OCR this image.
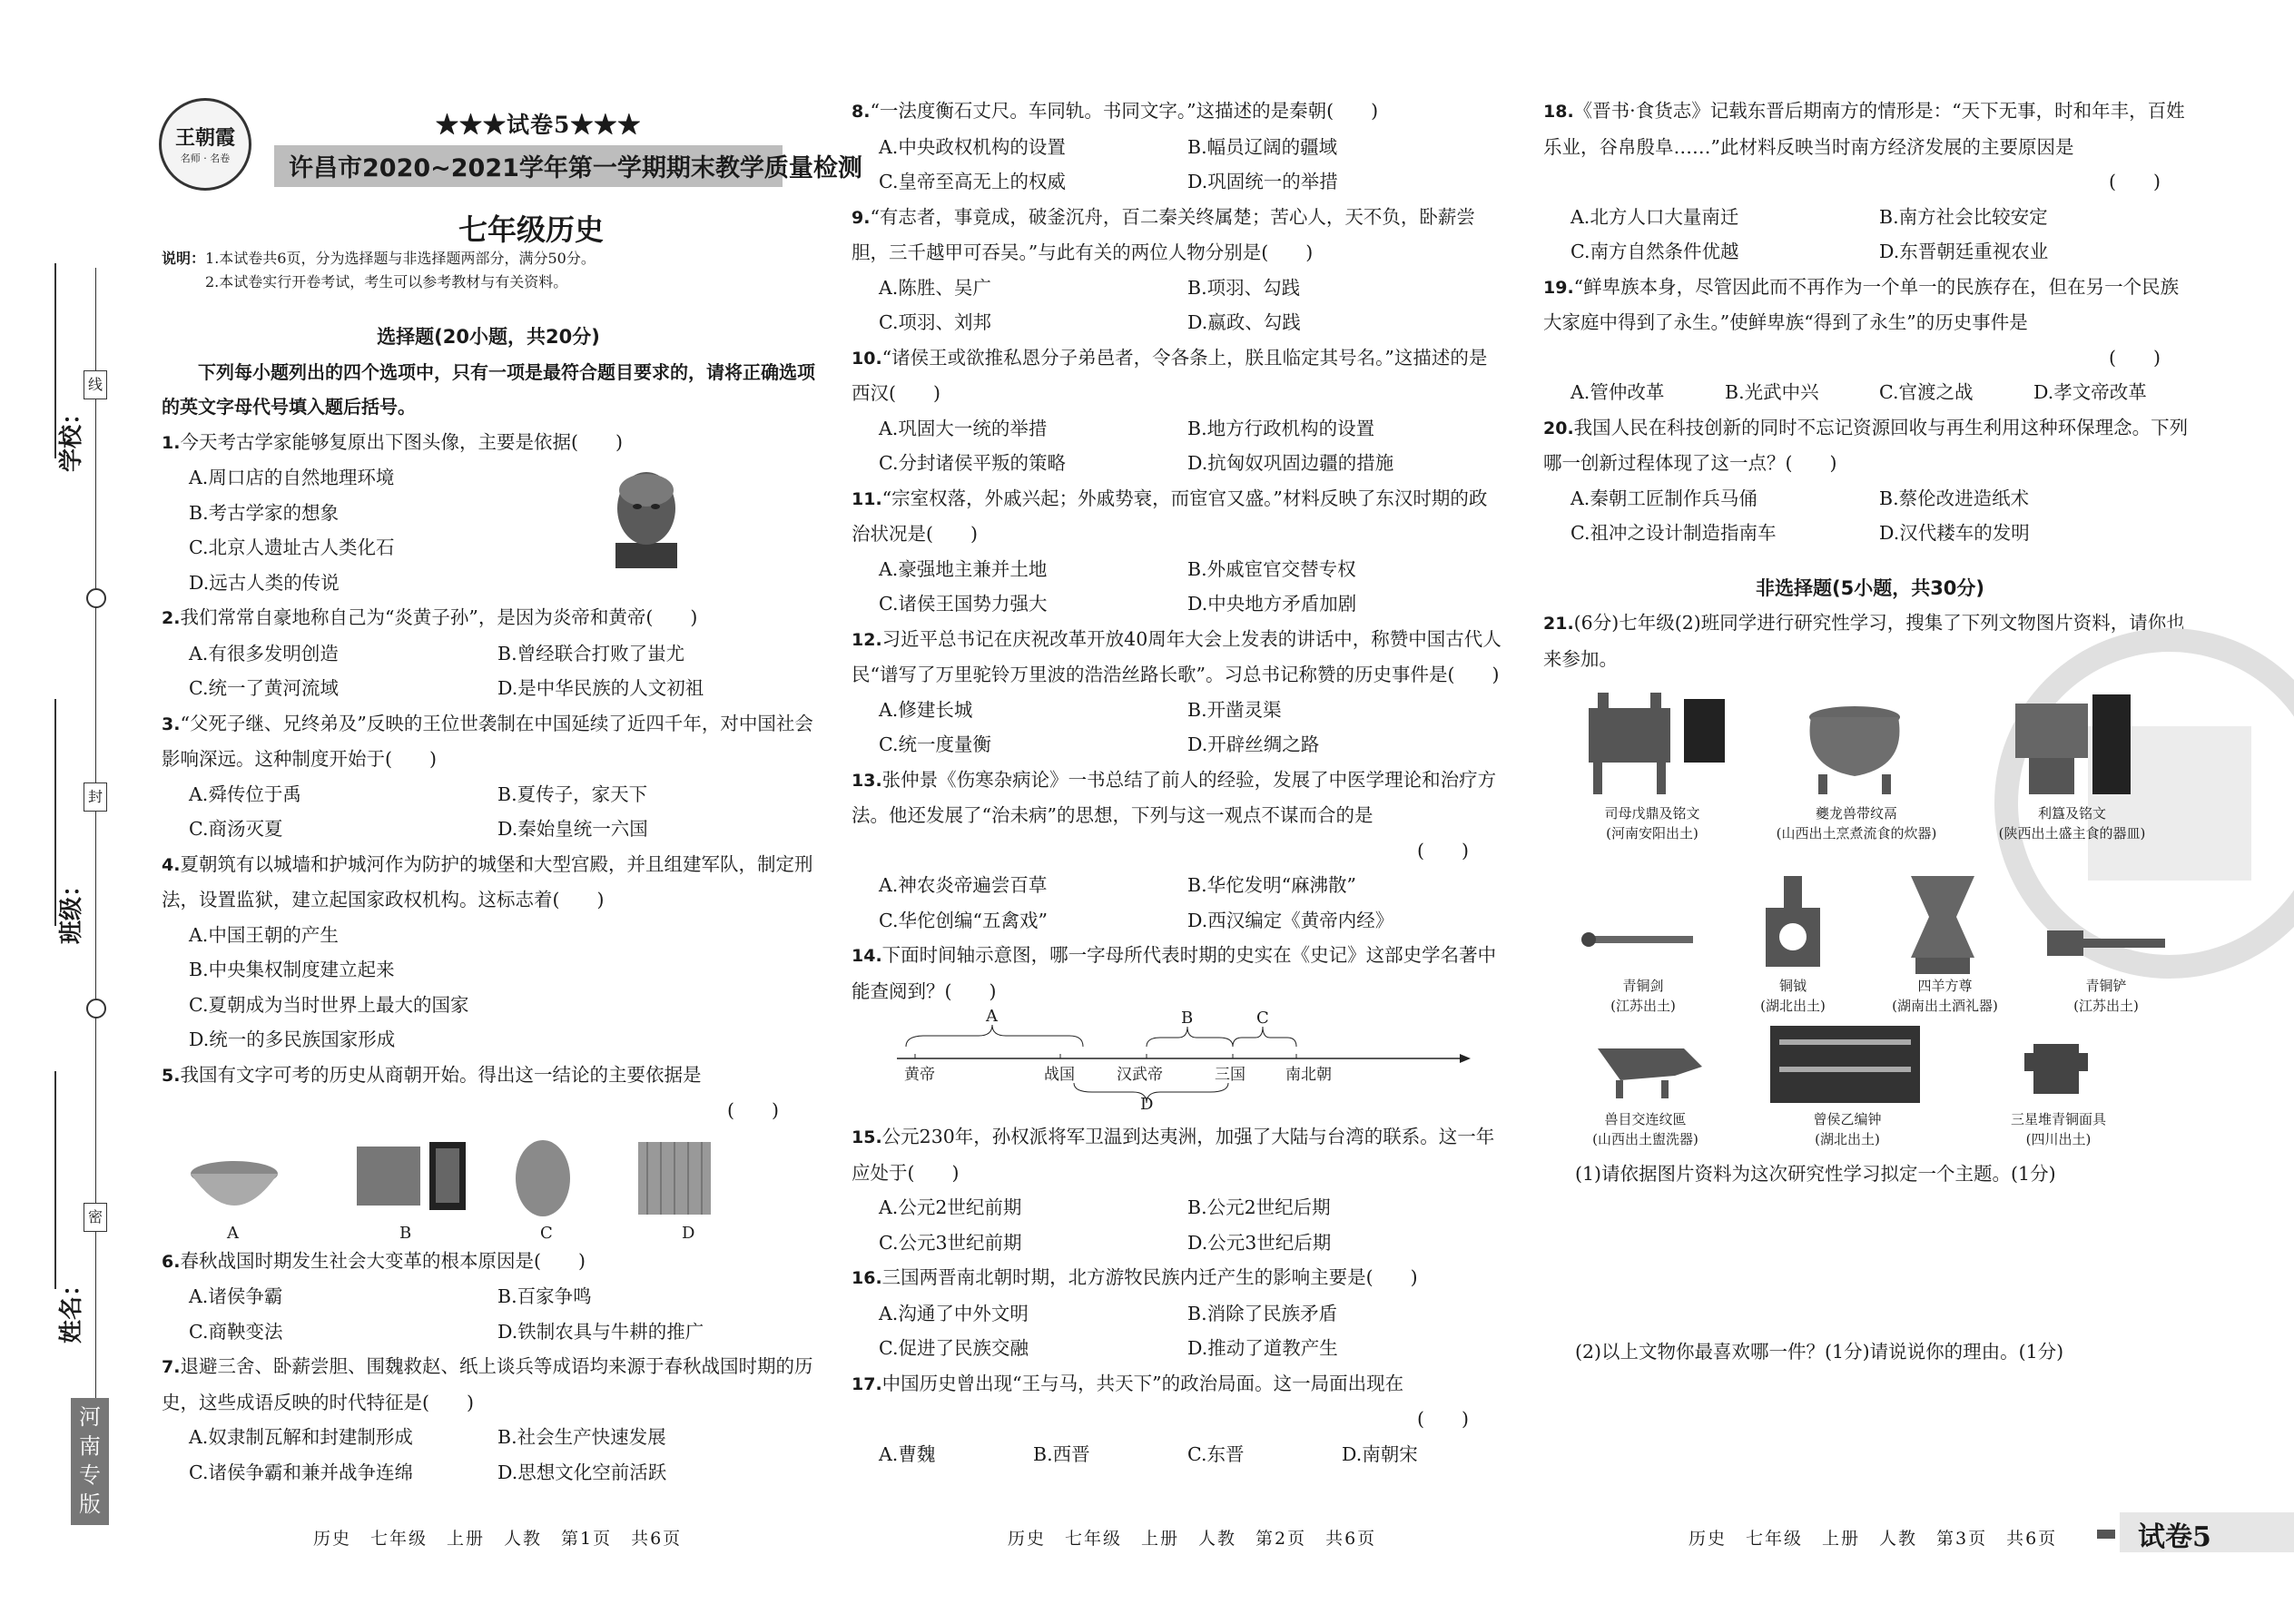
学校：
班级：
姓名：
线
封
密
河南专版
王朝霞
名师 · 名卷
★★★试卷5★★★
许昌市2020~2021学年第一学期期末教学质量检测
七年级历史
说明：1.本试卷共6页，分为选择题与非选择题两部分，满分50分。
2.本试卷实行开卷考试，考生可以参考教材与有关资料。
选择题(20小题，共20分)
下列每小题列出的四个选项中，只有一项是最符合题目要求的，请将正确选项的英文字母代号填入题后括号。
1.今天考古学家能够复原出下图头像，主要是依据(　　)
A.周口店的自然地理环境
B.考古学家的想象
C.北京人遗址古人类化石
D.远古人类的传说
2.我们常常自豪地称自己为“炎黄子孙”，是因为炎帝和黄帝(　　)
A.有很多发明创造	B.曾经联合打败了蚩尤
C.统一了黄河流域	D.是中华民族的人文初祖
3.“父死子继、兄终弟及”反映的王位世袭制在中国延续了近四千年，对中国社会影响深远。这种制度开始于(　　)
A.舜传位于禹	B.夏传子，家天下
C.商汤灭夏	D.秦始皇统一六国
4.夏朝筑有以城墙和护城河作为防护的城堡和大型宫殿，并且组建军队，制定刑法，设置监狱，建立起国家政权机构。这标志着(　　)
A.中国王朝的产生
B.中央集权制度建立起来
C.夏朝成为当时世界上最大的国家
D.统一的多民族国家形成
5.我国有文字可考的历史从商朝开始。得出这一结论的主要依据是
(　　)
A	B	C	D
6.春秋战国时期发生社会大变革的根本原因是(　　)
A.诸侯争霸	B.百家争鸣
C.商鞅变法	D.铁制农具与牛耕的推广
7.退避三舍、卧薪尝胆、围魏救赵、纸上谈兵等成语均来源于春秋战国时期的历史，这些成语反映的时代特征是(　　)
A.奴隶制瓦解和封建制形成	B.社会生产快速发展
C.诸侯争霸和兼并战争连绵	D.思想文化空前活跃
8.“一法度衡石丈尺。车同轨。书同文字。”这描述的是秦朝(　　)
A.中央政权机构的设置	B.幅员辽阔的疆域
C.皇帝至高无上的权威	D.巩固统一的举措
9.“有志者，事竟成，破釜沉舟，百二秦关终属楚；苦心人，天不负，卧薪尝胆，三千越甲可吞吴。”与此有关的两位人物分别是(　　)
A.陈胜、吴广	B.项羽、勾践
C.项羽、刘邦	D.嬴政、勾践
10.“诸侯王或欲推私恩分子弟邑者，令各条上，朕且临定其号名。”这描述的是西汉(　　)
A.巩固大一统的举措	B.地方行政机构的设置
C.分封诸侯平叛的策略	D.抗匈奴巩固边疆的措施
11.“宗室权落，外戚兴起；外戚势衰，而宦官又盛。”材料反映了东汉时期的政治状况是(　　)
A.豪强地主兼并土地	B.外戚宦官交替专权
C.诸侯王国势力强大	D.中央地方矛盾加剧
12.习近平总书记在庆祝改革开放40周年大会上发表的讲话中，称赞中国古代人民“谱写了万里驼铃万里波的浩浩丝路长歌”。习总书记称赞的历史事件是(　　)
A.修建长城	B.开凿灵渠
C.统一度量衡	D.开辟丝绸之路
13.张仲景《伤寒杂病论》一书总结了前人的经验，发展了中医学理论和治疗方法。他还发展了“治未病”的思想，下列与这一观点不谋而合的是
(　　)
A.神农炎帝遍尝百草	B.华佗发明“麻沸散”
C.华佗创编“五禽戏”	D.西汉编定《黄帝内经》
14.下面时间轴示意图，哪一字母所代表时期的史实在《史记》这部史学名著中能查阅到？(　　)
A	B	C
D
黄帝	战国	汉武帝	三国	南北朝
15.公元230年，孙权派将军卫温到达夷洲，加强了大陆与台湾的联系。这一年应处于(　　)
A.公元2世纪前期	B.公元2世纪后期
C.公元3世纪前期	D.公元3世纪后期
16.三国两晋南北朝时期，北方游牧民族内迁产生的影响主要是(　　)
A.沟通了中外文明	B.消除了民族矛盾
C.促进了民族交融	D.推动了道教产生
17.中国历史曾出现“王与马，共天下”的政治局面。这一局面出现在
(　　)
A.曹魏	B.西晋	C.东晋	D.南朝宋
18.《晋书·食货志》记载东晋后期南方的情形是：“天下无事，时和年丰，百姓乐业，谷帛殷阜……”此材料反映当时南方经济发展的主要原因是
(　　)
A.北方人口大量南迁	B.南方社会比较安定
C.南方自然条件优越	D.东晋朝廷重视农业
19.“鲜卑族本身，尽管因此而不再作为一个单一的民族存在，但在另一个民族大家庭中得到了永生。”使鲜卑族“得到了永生”的历史事件是
(　　)
A.管仲改革	B.光武中兴	C.官渡之战	D.孝文帝改革
20.我国人民在科技创新的同时不忘记资源回收与再生利用这种环保理念。下列哪一创新过程体现了这一点？(　　)
A.秦朝工匠制作兵马俑	B.蔡伦改进造纸术
C.祖冲之设计制造指南车	D.汉代耧车的发明
非选择题(5小题，共30分)
21.(6分)七年级(2)班同学进行研究性学习，搜集了下列文物图片资料，请你也来参加。
司母戊鼎及铭文
(河南安阳出土)
夔龙兽带纹鬲
(山西出土烹煮流食的炊器)
利簋及铭文
(陕西出土盛主食的器皿)
青铜剑
(江苏出土)
铜钺
(湖北出土)
四羊方尊
(湖南出土酒礼器)
青铜铲
(江苏出土)
兽目交连纹匜
(山西出土盥洗器)
曾侯乙编钟
(湖北出土)
三星堆青铜面具
(四川出土)
(1)请依据图片资料为这次研究性学习拟定一个主题。(1分)
(2)以上文物你最喜欢哪一件？(1分)请说说你的理由。(1分)
历史　七年级　上册　人教　第1页　共6页	历史　七年级　上册　人教　第2页　共6页	历史　七年级　上册　人教　第3页　共6页	试卷5
